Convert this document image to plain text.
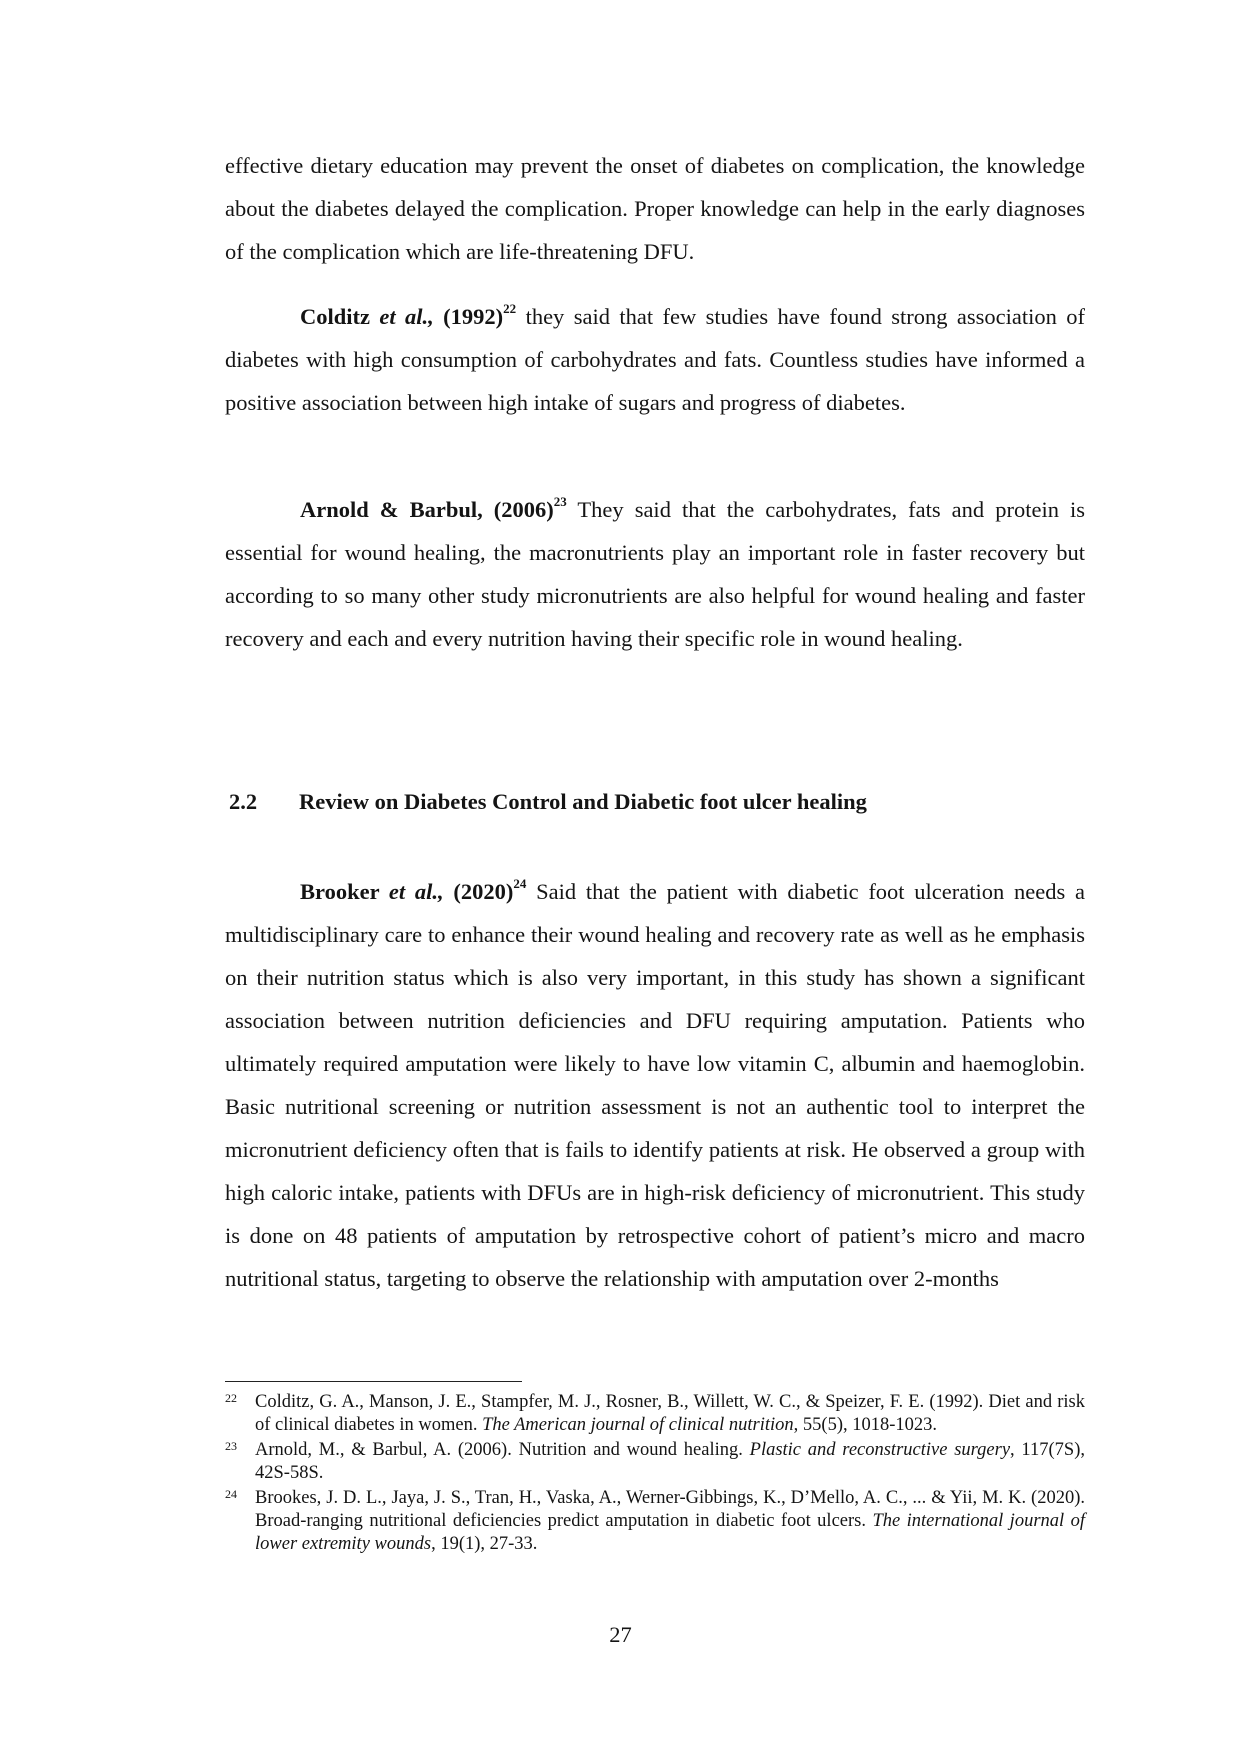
effective dietary education may prevent the onset of diabetes on complication, the knowledge about the diabetes delayed the complication. Proper knowledge can help in the early diagnoses of the complication which are life-threatening DFU.

Colditz et al., $(1992)^{22}$ they said that few studies have found strong association of diabetes with high consumption of carbohydrates and fats. Countless studies have informed a positive association between high intake of sugars and progress of diabetes.

Arnold & Barbul, $(2006)^{23}$ They said that the carbohydrates, fats and protein is essential for wound healing, the macronutrients play an important role in faster recovery but according to so many other study micronutrients are also helpful for wound healing and faster recovery and each and every nutrition having their specific role in wound healing.

2.2 Review on Diabetes Control and Diabetic foot ulcer healing

Brooker et al., $(2020)^{24}$ Said that the patient with diabetic foot ulceration needs a multidisciplinary care to enhance their wound healing and recovery rate as well as he emphasis on their nutrition status which is also very important, in this study has shown a significant association between nutrition deficiencies and DFU requiring amputation. Patients who ultimately required amputation were likely to have low vitamin C, albumin and haemoglobin. Basic nutritional screening or nutrition assessment is not an authentic tool to interpret the micronutrient deficiency often that is fails to identify patients at risk. He observed a group with high caloric intake, patients with DFUs are in high-risk deficiency of micronutrient. This study is done on 48 patients of amputation by retrospective cohort of patient’s micro and macro nutritional status, targeting to observe the relationship with amputation over 2-months

22 Colditz, G. A., Manson, J. E., Stampfer, M. J., Rosner, B., Willett, W. C., & Speizer, F. E. (1992). Diet and risk of clinical diabetes in women. The American journal of clinical nutrition, 55(5), 1018-1023.
23 Arnold, M., & Barbul, A. (2006). Nutrition and wound healing. Plastic and reconstructive surgery, 117(7S), 42S-58S.
24 Brookes, J. D. L., Jaya, J. S., Tran, H., Vaska, A., Werner-Gibbings, K., D’Mello, A. C., ... & Yii, M. K. (2020). Broad-ranging nutritional deficiencies predict amputation in diabetic foot ulcers. The international journal of lower extremity wounds, 19(1), 27-33.
27
